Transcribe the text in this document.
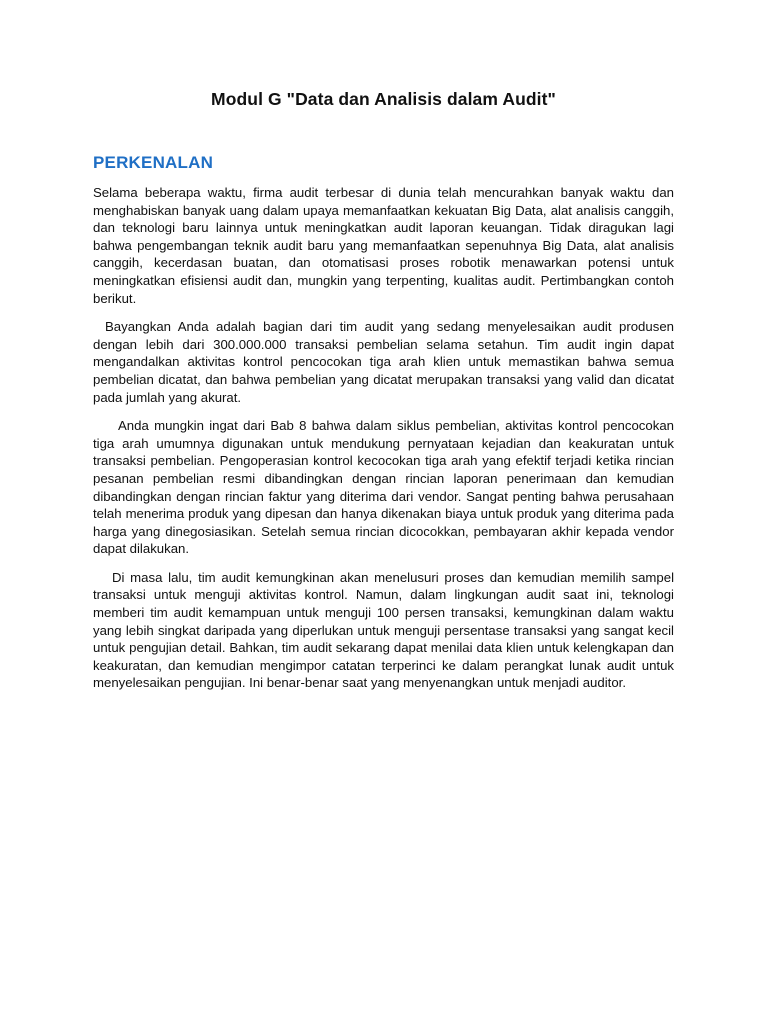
Modul G "Data dan Analisis dalam Audit"
PERKENALAN

Selama beberapa waktu, firma audit terbesar di dunia telah mencurahkan banyak waktu dan menghabiskan banyak uang dalam upaya memanfaatkan kekuatan Big Data, alat analisis canggih, dan teknologi baru lainnya untuk meningkatkan audit laporan keuangan. Tidak diragukan lagi bahwa pengembangan teknik audit baru yang memanfaatkan sepenuhnya Big Data, alat analisis canggih, kecerdasan buatan, dan otomatisasi proses robotik menawarkan potensi untuk meningkatkan efisiensi audit dan, mungkin yang terpenting, kualitas audit. Pertimbangkan contoh berikut.

Bayangkan Anda adalah bagian dari tim audit yang sedang menyelesaikan audit produsen dengan lebih dari 300.000.000 transaksi pembelian selama setahun. Tim audit ingin dapat mengandalkan aktivitas kontrol pencocokan tiga arah klien untuk memastikan bahwa semua pembelian dicatat, dan bahwa pembelian yang dicatat merupakan transaksi yang valid dan dicatat pada jumlah yang akurat.

Anda mungkin ingat dari Bab 8 bahwa dalam siklus pembelian, aktivitas kontrol pencocokan tiga arah umumnya digunakan untuk mendukung pernyataan kejadian dan keakuratan untuk transaksi pembelian. Pengoperasian kontrol kecocokan tiga arah yang efektif terjadi ketika rincian pesanan pembelian resmi dibandingkan dengan rincian laporan penerimaan dan kemudian dibandingkan dengan rincian faktur yang diterima dari vendor. Sangat penting bahwa perusahaan telah menerima produk yang dipesan dan hanya dikenakan biaya untuk produk yang diterima pada harga yang dinegosiasikan. Setelah semua rincian dicocokkan, pembayaran akhir kepada vendor dapat dilakukan.

Di masa lalu, tim audit kemungkinan akan menelusuri proses dan kemudian memilih sampel transaksi untuk menguji aktivitas kontrol. Namun, dalam lingkungan audit saat ini, teknologi memberi tim audit kemampuan untuk menguji 100 persen transaksi, kemungkinan dalam waktu yang lebih singkat daripada yang diperlukan untuk menguji persentase transaksi yang sangat kecil untuk pengujian detail. Bahkan, tim audit sekarang dapat menilai data klien untuk kelengkapan dan keakuratan, dan kemudian mengimpor catatan terperinci ke dalam perangkat lunak audit untuk menyelesaikan pengujian. Ini benar-benar saat yang menyenangkan untuk menjadi auditor.
